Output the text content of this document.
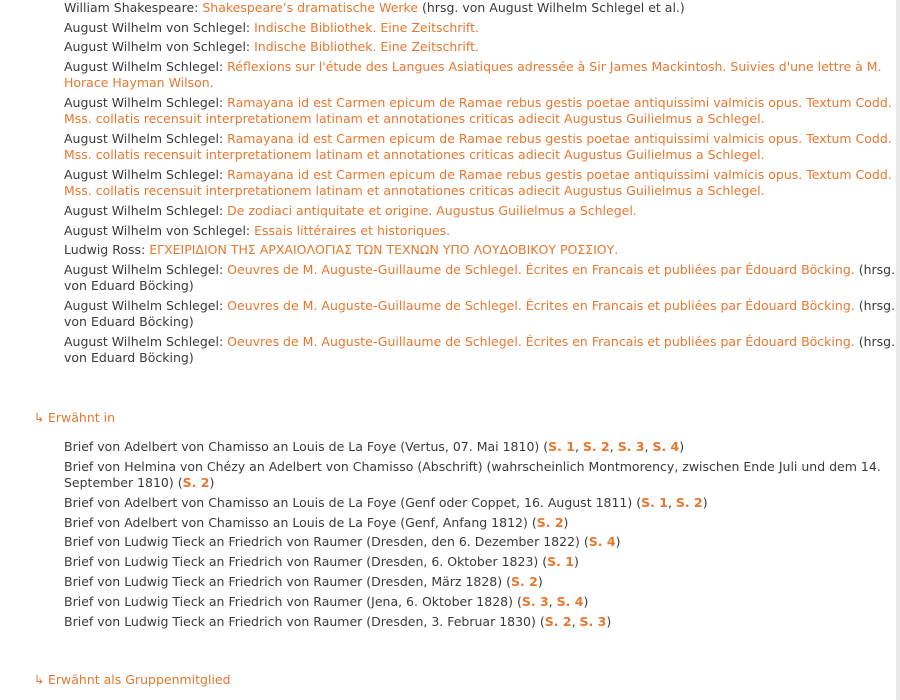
William Shakespeare: Shakespeare’s dramatische Werke (hrsg. von August Wilhelm Schlegel et al.)
August Wilhelm von Schlegel: Indische Bibliothek. Eine Zeitschrift.
August Wilhelm von Schlegel: Indische Bibliothek. Eine Zeitschrift.
August Wilhelm Schlegel: Réflexions sur l'étude des Langues Asiatiques adressée à Sir James Mackintosh. Suivies d'une lettre à M. Horace Hayman Wilson.
August Wilhelm Schlegel: Ramayana id est Carmen epicum de Ramae rebus gestis poetae antiquissimi valmicis opus. Textum Codd. Mss. collatis recensuit interpretationem latinam et annotationes criticas adiecit Augustus Guilielmus a Schlegel.
August Wilhelm Schlegel: Ramayana id est Carmen epicum de Ramae rebus gestis poetae antiquissimi valmicis opus. Textum Codd. Mss. collatis recensuit interpretationem latinam et annotationes criticas adiecit Augustus Guilielmus a Schlegel.
August Wilhelm Schlegel: Ramayana id est Carmen epicum de Ramae rebus gestis poetae antiquissimi valmicis opus. Textum Codd. Mss. collatis recensuit interpretationem latinam et annotationes criticas adiecit Augustus Guilielmus a Schlegel.
August Wilhelm Schlegel: De zodiaci antiquitate et origine. Augustus Guilielmus a Schlegel.
August Wilhelm von Schlegel: Essais littéraires et historiques.
Ludwig Ross: ΕΓΧΕΙΡΙΔΙΟΝ ΤΗΣ ΑΡΧΑΙΟΛΟΓΙΑΣ ΤΩΝ ΤΕΧΝΩΝ ΥΠΟ ΛΟΥΔΟΒΙΚΟΥ ΡΟΣΣΙΟΥ.
August Wilhelm Schlegel: Oeuvres de M. Auguste-Guillaume de Schlegel. Écrites en Francais et publiées par Édouard Böcking. (hrsg. von Eduard Böcking)
August Wilhelm Schlegel: Oeuvres de M. Auguste-Guillaume de Schlegel. Écrites en Francais et publiées par Édouard Böcking. (hrsg. von Eduard Böcking)
August Wilhelm Schlegel: Oeuvres de M. Auguste-Guillaume de Schlegel. Écrites en Francais et publiées par Édouard Böcking. (hrsg. von Eduard Böcking)
↳ Erwähnt in
Brief von Adelbert von Chamisso an Louis de La Foye (Vertus, 07. Mai 1810) (S. 1, S. 2, S. 3, S. 4)
Brief von Helmina von Chézy an Adelbert von Chamisso (Abschrift) (wahrscheinlich Montmorency, zwischen Ende Juli und dem 14. September 1810) (S. 2)
Brief von Adelbert von Chamisso an Louis de La Foye (Genf oder Coppet, 16. August 1811) (S. 1, S. 2)
Brief von Adelbert von Chamisso an Louis de La Foye (Genf, Anfang 1812) (S. 2)
Brief von Ludwig Tieck an Friedrich von Raumer (Dresden, den 6. Dezember 1822) (S. 4)
Brief von Ludwig Tieck an Friedrich von Raumer (Dresden, 6. Oktober 1823) (S. 1)
Brief von Ludwig Tieck an Friedrich von Raumer (Dresden, März 1828) (S. 2)
Brief von Ludwig Tieck an Friedrich von Raumer (Jena, 6. Oktober 1828) (S. 3, S. 4)
Brief von Ludwig Tieck an Friedrich von Raumer (Dresden, 3. Februar 1830) (S. 2, S. 3)
↳ Erwähnt als Gruppenmitglied
